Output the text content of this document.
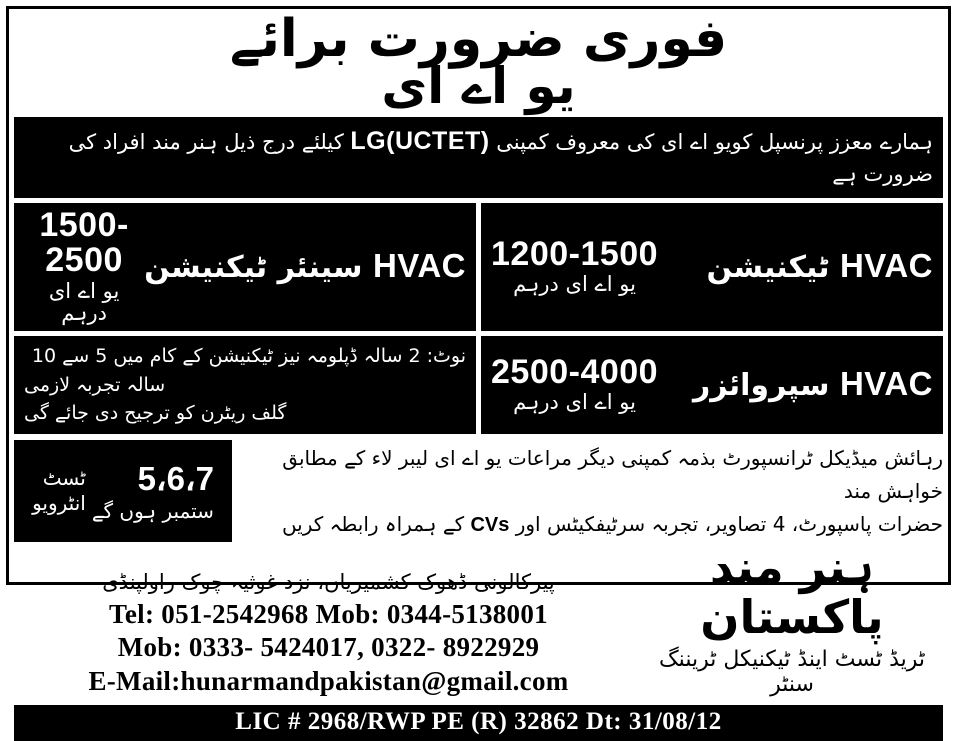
فوری ضرورت برائے
یو اے ای
ہمارے معزز پرنسپل کویو اے ای کی معروف کمپنی LG(UCTET) کیلئے درج ذیل ہنر مند افراد کی ضرورت ہے
HVAC ٹیکنیشن
1200-1500
یو اے ای درہم
HVAC سینئر ٹیکنیشن
1500-2500
یو اے ای درہم
HVAC سپروائزر
2500-4000
یو اے ای درہم
نوٹ: 2 سالہ ڈپلومہ نیز ٹیکنیشن کے کام میں 5 سے 10
سالہ تجربہ لازمی
گلف ریٹرن کو ترجیح دی جائے گی
رہائش میڈیکل ٹرانسپورٹ بذمہ کمپنی دیگر مراعات یو اے ای لیبر لاء کے مطابق خواہش مند
حضرات پاسپورٹ، 4 تصاویر، تجربہ سرٹیفکیٹس اور CVs کے ہمراہ رابطہ کریں
ٹسٹ
انٹرویو
5،6،7
ستمبر ہوں گے
پیرکالونی ڈھوک کشمیریاں، نزد غوثیہ چوک راولپنڈی
Tel: 051-2542968 Mob: 0344-5138001
Mob: 0333- 5424017, 0322- 8922929
E-Mail:hunarmandpakistan@gmail.com
ہنر مند پاکستان
ٹریڈ ٹسٹ اینڈ ٹیکنیکل ٹریننگ سنٹر
LIC # 2968/RWP PE (R) 32862 Dt: 31/08/12
